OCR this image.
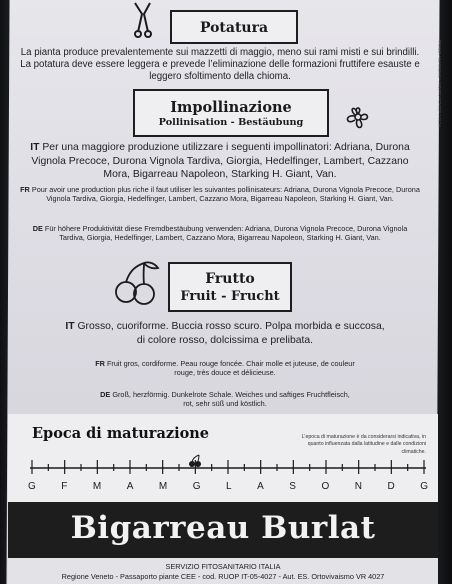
Potatura
La pianta produce prevalentemente sui mazzetti di maggio, meno sui rami misti e sui brindilli. La potatura deve essere leggera e prevede l’eliminazione delle formazioni fruttifere esauste e leggero sfoltimento della chioma.
Impollinazione
Pollinisation - Bestäubung
IT Per una maggiore produzione utilizzare i seguenti impollinatori: Adriana, Durona Vignola Precoce, Durona Vignola Tardiva, Giorgia, Hedelfinger, Lambert, Cazzano Mora, Bigarreau Napoleon, Starking H. Giant, Van.
FR Pour avoir une production plus riche il faut utiliser les suivantes pollinisateurs: Adriana, Durona Vignola Precoce, Durona Vignola Tardiva, Giorgia, Hedelfinger, Lambert, Cazzano Mora, Bigarreau Napoleon, Starking H. Giant, Van.
DE Für höhere Produktivität diese Fremdbestäubung verwenden: Adriana, Durona Vignola Precoce, Durona Vignola Tardiva, Giorgia, Hedelfinger, Lambert, Cazzano Mora, Bigarreau Napoleon, Starking H. Giant, Van.
Frutto
Fruit - Frucht
IT Grosso, cuoriforme. Buccia rosso scuro. Polpa morbida e succosa, di colore rosso, dolcissima e prelibata.
FR Fruit gros, cordiforme. Peau rouge foncée. Chair molle et juteuse, de couleur rouge, très douce et délicieuse.
DE Groß, herzförmig. Dunkelrote Schale. Weiches und saftiges Fruchtfleisch, rot, sehr süß und köstlich.
FOTO E AGENZIA GIARDINI • ORIZZONTE • VERONA
Epoca di maturazione	L’epoca di maturazione è da considerarsi indicativa, in quanto influenzata dalla latitudine e dalle condizioni climatiche.
G	F	M	A	M	G	L	A	S	O	N	D	G
Bigarreau Burlat
SERVIZIO FITOSANITARIO ITALIA
Regione Veneto - Passaporto piante CEE - cod. RUOP IT-05-4027 - Aut. ES. Ortovivaismo VR 4027
